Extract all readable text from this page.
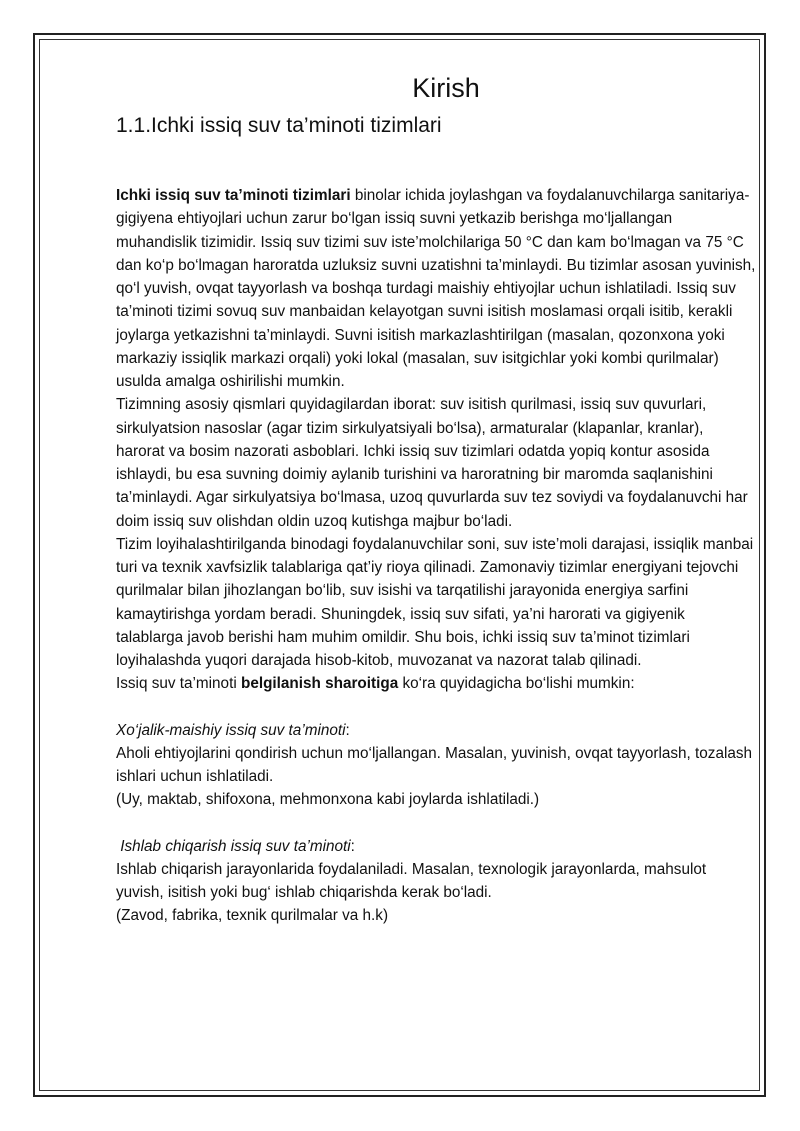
Kirish
1.1.Ichki issiq suv ta’minoti tizimlari

Ichki issiq suv ta’minoti tizimlari binolar ichida joylashgan va foydalanuvchilarga sanitariya-gigiyena ehtiyojlari uchun zarur bo‘lgan issiq suvni yetkazib berishga mo‘ljallangan muhandislik tizimidir. Issiq suv tizimi suv iste’molchilariga 50 °C dan kam bo‘lmagan va 75 °C dan ko‘p bo‘lmagan haroratda uzluksiz suvni uzatishni ta’minlaydi. Bu tizimlar asosan yuvinish, qo‘l yuvish, ovqat tayyorlash va boshqa turdagi maishiy ehtiyojlar uchun ishlatiladi. Issiq suv ta’minoti tizimi sovuq suv manbaidan kelayotgan suvni isitish moslamasi orqali isitib, kerakli joylarga yetkazishni ta’minlaydi. Suvni isitish markazlashtirilgan (masalan, qozonxona yoki markaziy issiqlik markazi orqali) yoki lokal (masalan, suv isitgichlar yoki kombi qurilmalar) usulda amalga oshirilishi mumkin.

Tizimning asosiy qismlari quyidagilardan iborat: suv isitish qurilmasi, issiq suv quvurlari, sirkulyatsion nasoslar (agar tizim sirkulyatsiyali bo‘lsa), armaturalar (klapanlar, kranlar), harorat va bosim nazorati asboblari. Ichki issiq suv tizimlari odatda yopiq kontur asosida ishlaydi, bu esa suvning doimiy aylanib turishini va haroratning bir maromda saqlanishini ta’minlaydi. Agar sirkulyatsiya bo‘lmasa, uzoq quvurlarda suv tez soviydi va foydalanuvchi har doim issiq suv olishdan oldin uzoq kutishga majbur bo‘ladi.

Tizim loyihalashtirilganda binodagi foydalanuvchilar soni, suv iste’moli darajasi, issiqlik manbai turi va texnik xavfsizlik talablariga qat’iy rioya qilinadi. Zamonaviy tizimlar energiyani tejovchi qurilmalar bilan jihozlangan bo‘lib, suv isishi va tarqatilishi jarayonida energiya sarfini kamaytirishga yordam beradi. Shuningdek, issiq suv sifati, ya’ni harorati va gigiyenik talablarga javob berishi ham muhim omildir. Shu bois, ichki issiq suv ta’minot tizimlari loyihalashda yuqori darajada hisob-kitob, muvozanat va nazorat talab qilinadi.

Issiq suv ta’minoti belgilanish sharoitiga ko‘ra quyidagicha bo‘lishi mumkin:

Xo‘jalik-maishiy issiq suv ta’minoti:

Aholi ehtiyojlarini qondirish uchun mo‘ljallangan. Masalan, yuvinish, ovqat tayyorlash, tozalash ishlari uchun ishlatiladi.

(Uy, maktab, shifoxona, mehmonxona kabi joylarda ishlatiladi.)

Ishlab chiqarish issiq suv ta’minoti:

Ishlab chiqarish jarayonlarida foydalaniladi. Masalan, texnologik jarayonlarda, mahsulot yuvish, isitish yoki bug‘ ishlab chiqarishda kerak bo‘ladi.

(Zavod, fabrika, texnik qurilmalar va h.k)
